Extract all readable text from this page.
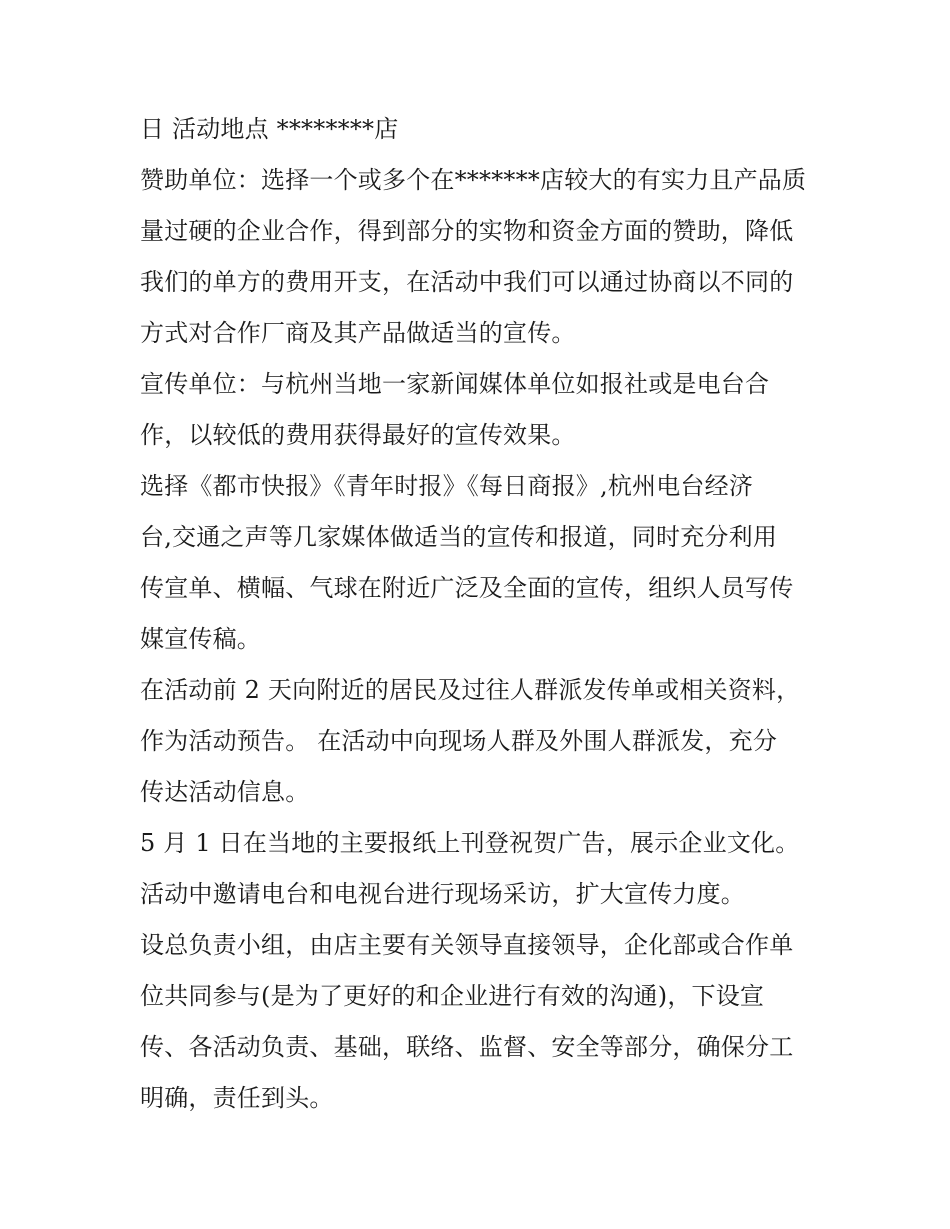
日 活动地点 ********店
赞助单位：选择一个或多个在*******店较大的有实力且产品质
量过硬的企业合作，得到部分的实物和资金方面的赞助，降低
我们的单方的费用开支，在活动中我们可以通过协商以不同的
方式对合作厂商及其产品做适当的宣传。
宣传单位：与杭州当地一家新闻媒体单位如报社或是电台合
作，以较低的费用获得最好的宣传效果。
选择《都市快报》《青年时报》《每日商报》,杭州电台经济
台,交通之声等几家媒体做适当的宣传和报道，同时充分利用
传宣单、横幅、气球在附近广泛及全面的宣传，组织人员写传
媒宣传稿。
在活动前 2 天向附近的居民及过往人群派发传单或相关资料，
作为活动预告。 在活动中向现场人群及外围人群派发，充分
传达活动信息。
5 月 1 日在当地的主要报纸上刊登祝贺广告，展示企业文化。
活动中邀请电台和电视台进行现场采访，扩大宣传力度。
设总负责小组，由店主要有关领导直接领导，企化部或合作单
位共同参与(是为了更好的和企业进行有效的沟通)，下设宣
传、各活动负责、基础，联络、监督、安全等部分，确保分工
明确，责任到头。
